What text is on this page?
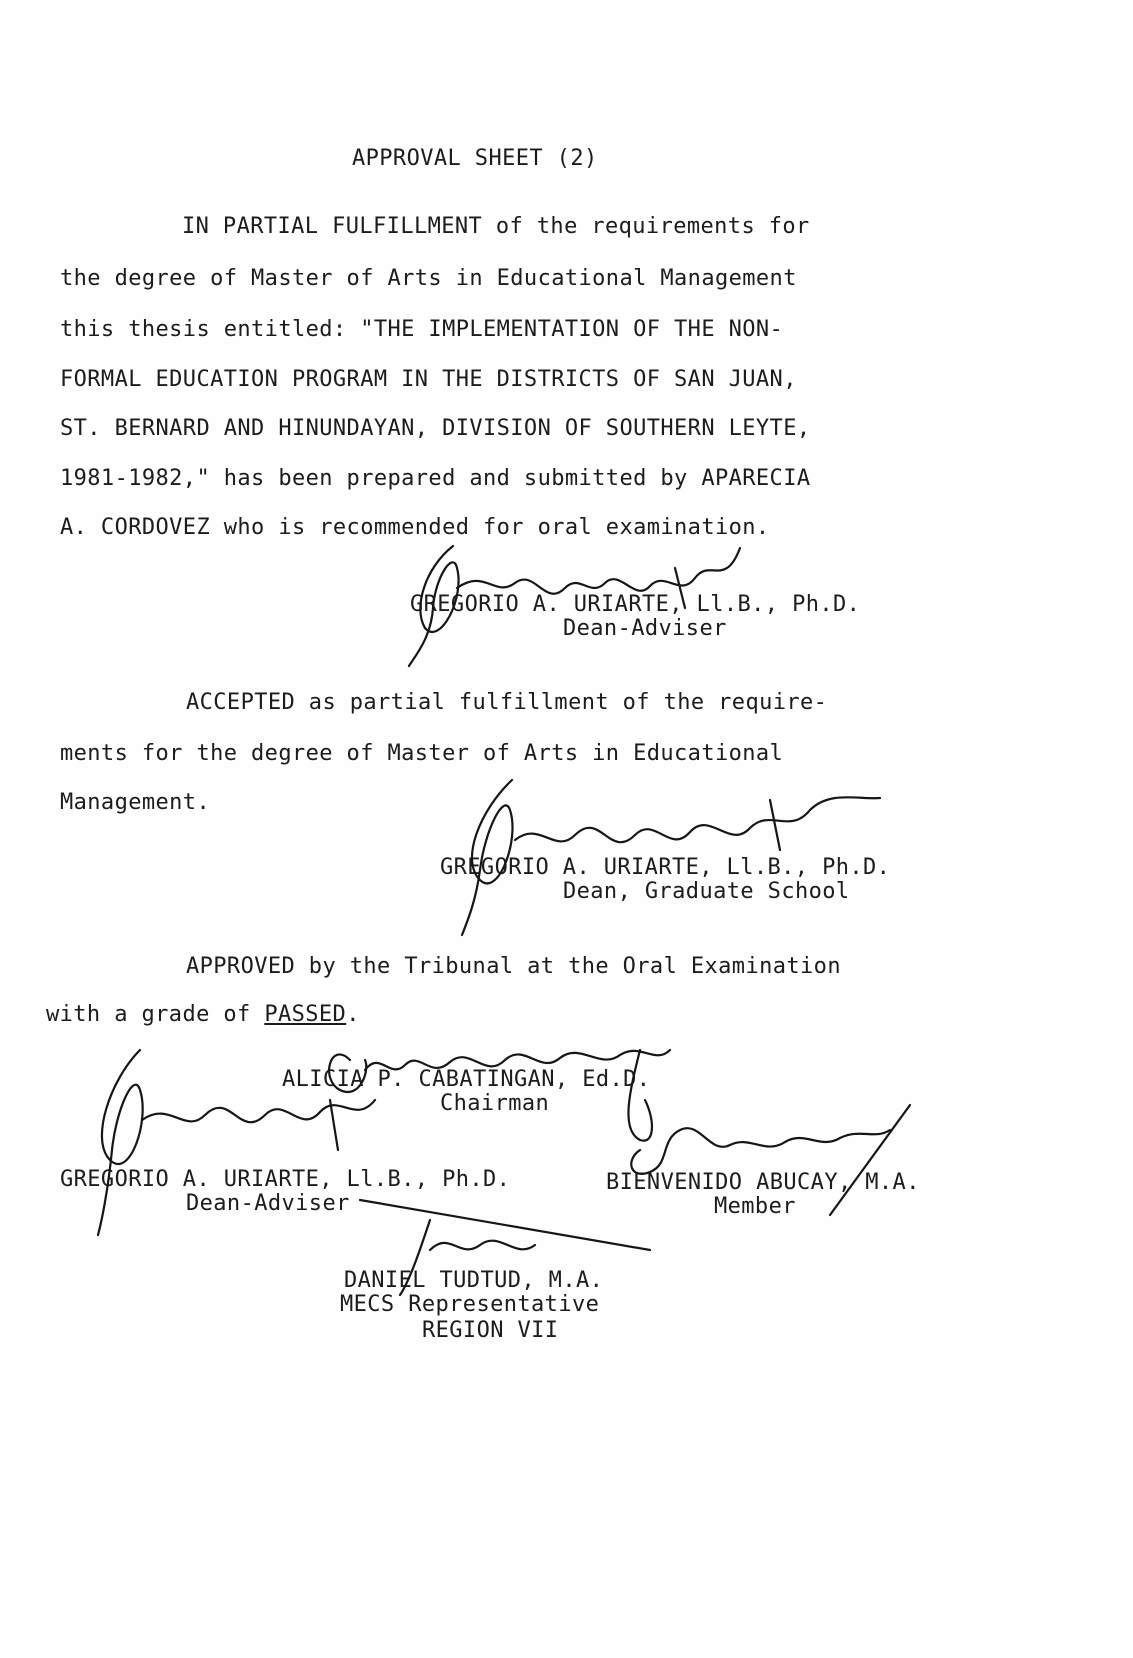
APPROVAL SHEET (2)
IN PARTIAL FULFILLMENT of the requirements for
the degree of Master of Arts in Educational Management
this thesis entitled: "THE IMPLEMENTATION OF THE NON-
FORMAL EDUCATION PROGRAM IN THE DISTRICTS OF SAN JUAN,
ST. BERNARD AND HINUNDAYAN, DIVISION OF SOUTHERN LEYTE,
1981-1982," has been prepared and submitted by APARECIA
A. CORDOVEZ who is recommended for oral examination.
GREGORIO A. URIARTE, Ll.B., Ph.D.
Dean-Adviser
ACCEPTED as partial fulfillment of the require-
ments for the degree of Master of Arts in Educational
Management.
GREGORIO A. URIARTE, Ll.B., Ph.D.
Dean, Graduate School
APPROVED by the Tribunal at the Oral Examination
with a grade of PASSED.
ALICIA P. CABATINGAN, Ed.D.
Chairman
GREGORIO A. URIARTE, Ll.B., Ph.D.
Dean-Adviser
BIENVENIDO ABUCAY, M.A.
Member
DANIEL TUDTUD, M.A.
MECS Representative
REGION VII
